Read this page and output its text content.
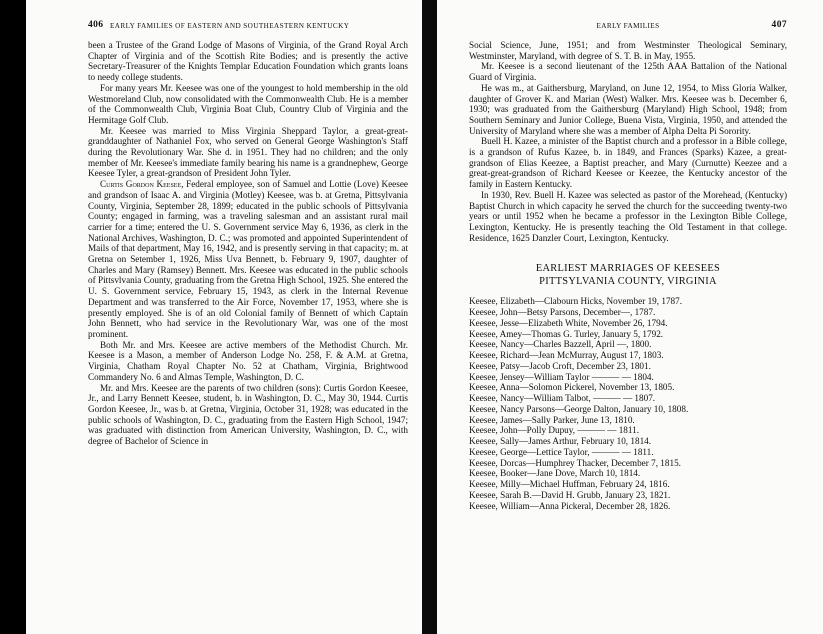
406 EARLY FAMILIES OF EASTERN AND SOUTHEASTERN KENTUCKY

been a Trustee of the Grand Lodge of Masons of Virginia, of the Grand Royal Arch Chapter of Virginia and of the Scottish Rite Bodies; and is presently the active Secretary-Treasurer of the Knights Templar Education Foundation which grants loans to needy college students.

For many years Mr. Keesee was one of the youngest to hold membership in the old Westmoreland Club, now consolidated with the Commonwealth Club. He is a member of the Commonwealth Club, Virginia Boat Club, Country Club of Virginia and the Hermitage Golf Club.

Mr. Keesee was married to Miss Virginia Sheppard Taylor, a great-great-granddaughter of Nathaniel Fox, who served on General George Washington's Staff during the Revolutionary War. She d. in 1951. They had no children; and the only member of Mr. Keesee's immediate family bearing his name is a grandnephew, George Keesee Tyler, a great-grandson of President John Tyler.

Curtis Gordon Keesee, Federal employee, son of Samuel and Lottie (Love) Keesee and grandson of Isaac A. and Virginia (Motley) Keesee, was b. at Gretna, Pittsylvania County, Virginia, September 28, 1899; educated in the public schools of Pittsylvania County; engaged in farming, was a traveling salesman and an assistant rural mail carrier for a time; entered the U. S. Government service May 6, 1936, as clerk in the National Archives, Washington, D. C.; was promoted and appointed Superintendent of Mails of that department, May 16, 1942, and is presently serving in that capacity; m. at Gretna on Setember 1, 1926, Miss Uva Bennett, b. February 9, 1907, daughter of Charles and Mary (Ramsey) Bennett. Mrs. Keesee was educated in the public schools of Pittsvlvania County, graduating from the Gretna High School, 1925. She entered the U. S. Government service, February 15, 1943, as clerk in the Internal Revenue Department and was transferred to the Air Force, November 17, 1953, where she is presently employed. She is of an old Colonial family of Bennett of which Captain John Bennett, who had service in the Revolutionary War, was one of the most prominent.

Both Mr. and Mrs. Keesee are active members of the Methodist Church. Mr. Keesee is a Mason, a member of Anderson Lodge No. 258, F. & A.M. at Gretna, Virginia, Chatham Royal Chapter No. 52 at Chatham, Virginia, Brightwood Commandery No. 6 and Almas Temple, Washington, D. C.

Mr. and Mrs. Keesee are the parents of two children (sons): Curtis Gordon Keesee, Jr., and Larry Bennett Keesee, student, b. in Washington, D. C., May 30, 1944. Curtis Gordon Keesee, Jr., was b. at Gretna, Virginia, October 31, 1928; was educated in the public schools of Washington, D. C., graduating from the Eastern High School, 1947; was graduated with distinction from American University, Washington, D. C., with degree of Bachelor of Science in

EARLY FAMILIES	407

Social Science, June, 1951; and from Westminster Theological Seminary, Westminster, Maryland, with degree of S. T. B. in May, 1955.

Mr. Keesee is a second lieutenant of the 125th AAA Battalion of the National Guard of Virginia.

He was m., at Gaithersburg, Maryland, on June 12, 1954, to Miss Gloria Walker, daughter of Grover K. and Marian (West) Walker. Mrs. Keesee was b. December 6, 1930; was graduated from the Gaithersburg (Maryland) High School, 1948; from Southern Seminary and Junior College, Buena Vista, Virginia, 1950, and attended the University of Maryland where she was a member of Alpha Delta Pi Sorority.

Buell H. Kazee, a minister of the Baptist church and a professor in a Bible college, is a grandson of Rufus Kazee, b. in 1849, and Frances (Sparks) Kazee, a great-grandson of Elias Keezee, a Baptist preacher, and Mary (Curnutte) Keezee and a great-great-grandson of Richard Keesee or Keezee, the Kentucky ancestor of the family in Eastern Kentucky.

In 1930, Rev. Buell H. Kazee was selected as pastor of the Morehead, (Kentucky) Baptist Church in which capacity he served the church for the succeeding twenty-two years or until 1952 when he became a professor in the Lexington Bible College, Lexington, Kentucky. He is presently teaching the Old Testament in that college. Residence, 1625 Danzler Court, Lexington, Kentucky.

EARLIEST MARRIAGES OF KEESEES
PITTSYLVANIA COUNTY, VIRGINIA
Keesee, Elizabeth—Clabourn Hicks, November 19, 1787.
Keesee, John—Betsy Parsons, December—, 1787.
Keesee, Jesse—Elizabeth White, November 26, 1794.
Keesee, Amey—Thomas G. Turley, January 5, 1792.
Keesee, Nancy—Charles Bazzell, April —, 1800.
Keesee, Richard—Jean McMurray, August 17, 1803.
Keesee, Patsy—Jacob Croft, December 23, 1801.
Keesee, Jensey—William Taylor ——— — 1804.
Keesee, Anna—Solomon Pickerel, November 13, 1805.
Keesee, Nancy—William Talbot, ——— — 1807.
Keesee, Nancy Parsons—George Dalton, January 10, 1808.
Keesee, James—Sally Parker, June 13, 1810.
Keesee, John—Polly Dupuy, ——— — 1811.
Keesee, Sally—James Arthur, February 10, 1814.
Keesee, George—Lettice Taylor, ——— — 1811.
Keesee, Dorcas—Humphrey Thacker, December 7, 1815.
Keesee, Booker—Jane Dove, March 10, 1814.
Keesee, Milly—Michael Huffman, February 24, 1816.
Keesee, Sarah B.—David H. Grubb, January 23, 1821.
Keesee, William—Anna Pickeral, December 28, 1826.
